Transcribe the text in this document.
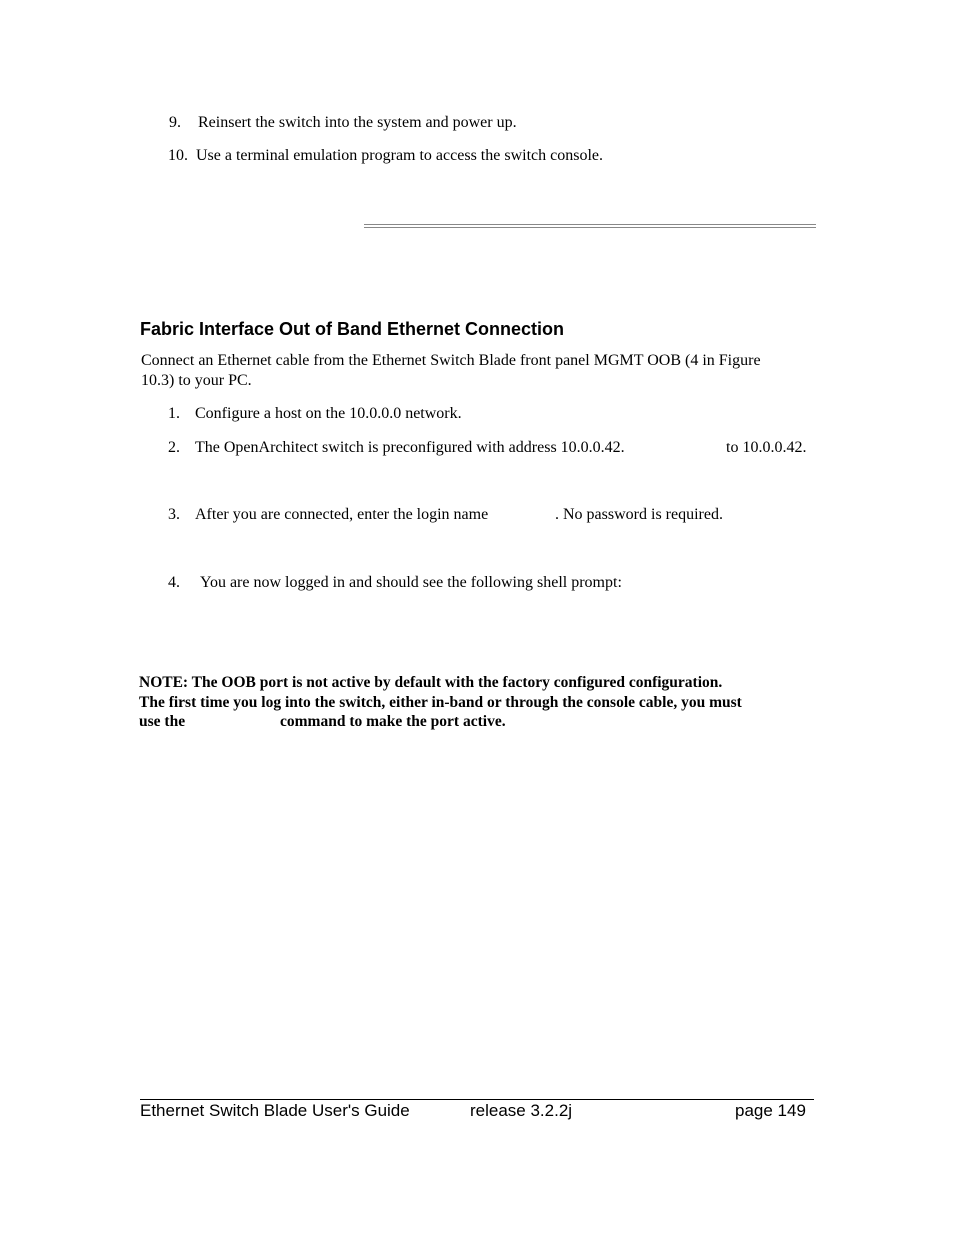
9. Reinsert the switch into the system and power up.
10. Use a terminal emulation program to access the switch console.
Fabric Interface Out of Band Ethernet Connection
Connect an Ethernet cable from the Ethernet Switch Blade front panel MGMT OOB (4 in Figure
10.3) to your PC.
1. Configure a host on the 10.0.0.0 network.
2. The OpenArchitect switch is preconfigured with address 10.0.0.42.	to 10.0.0.42.
3. After you are connected, enter the login name	. No password is required.
4. You are now logged in and should see the following shell prompt:
NOTE: The OOB port is not active by default with the factory configured configuration.
The first time you log into the switch, either in-band or through the console cable, you must
use the	command to make the port active.
Ethernet Switch Blade User's Guide	release 3.2.2j	page 149
